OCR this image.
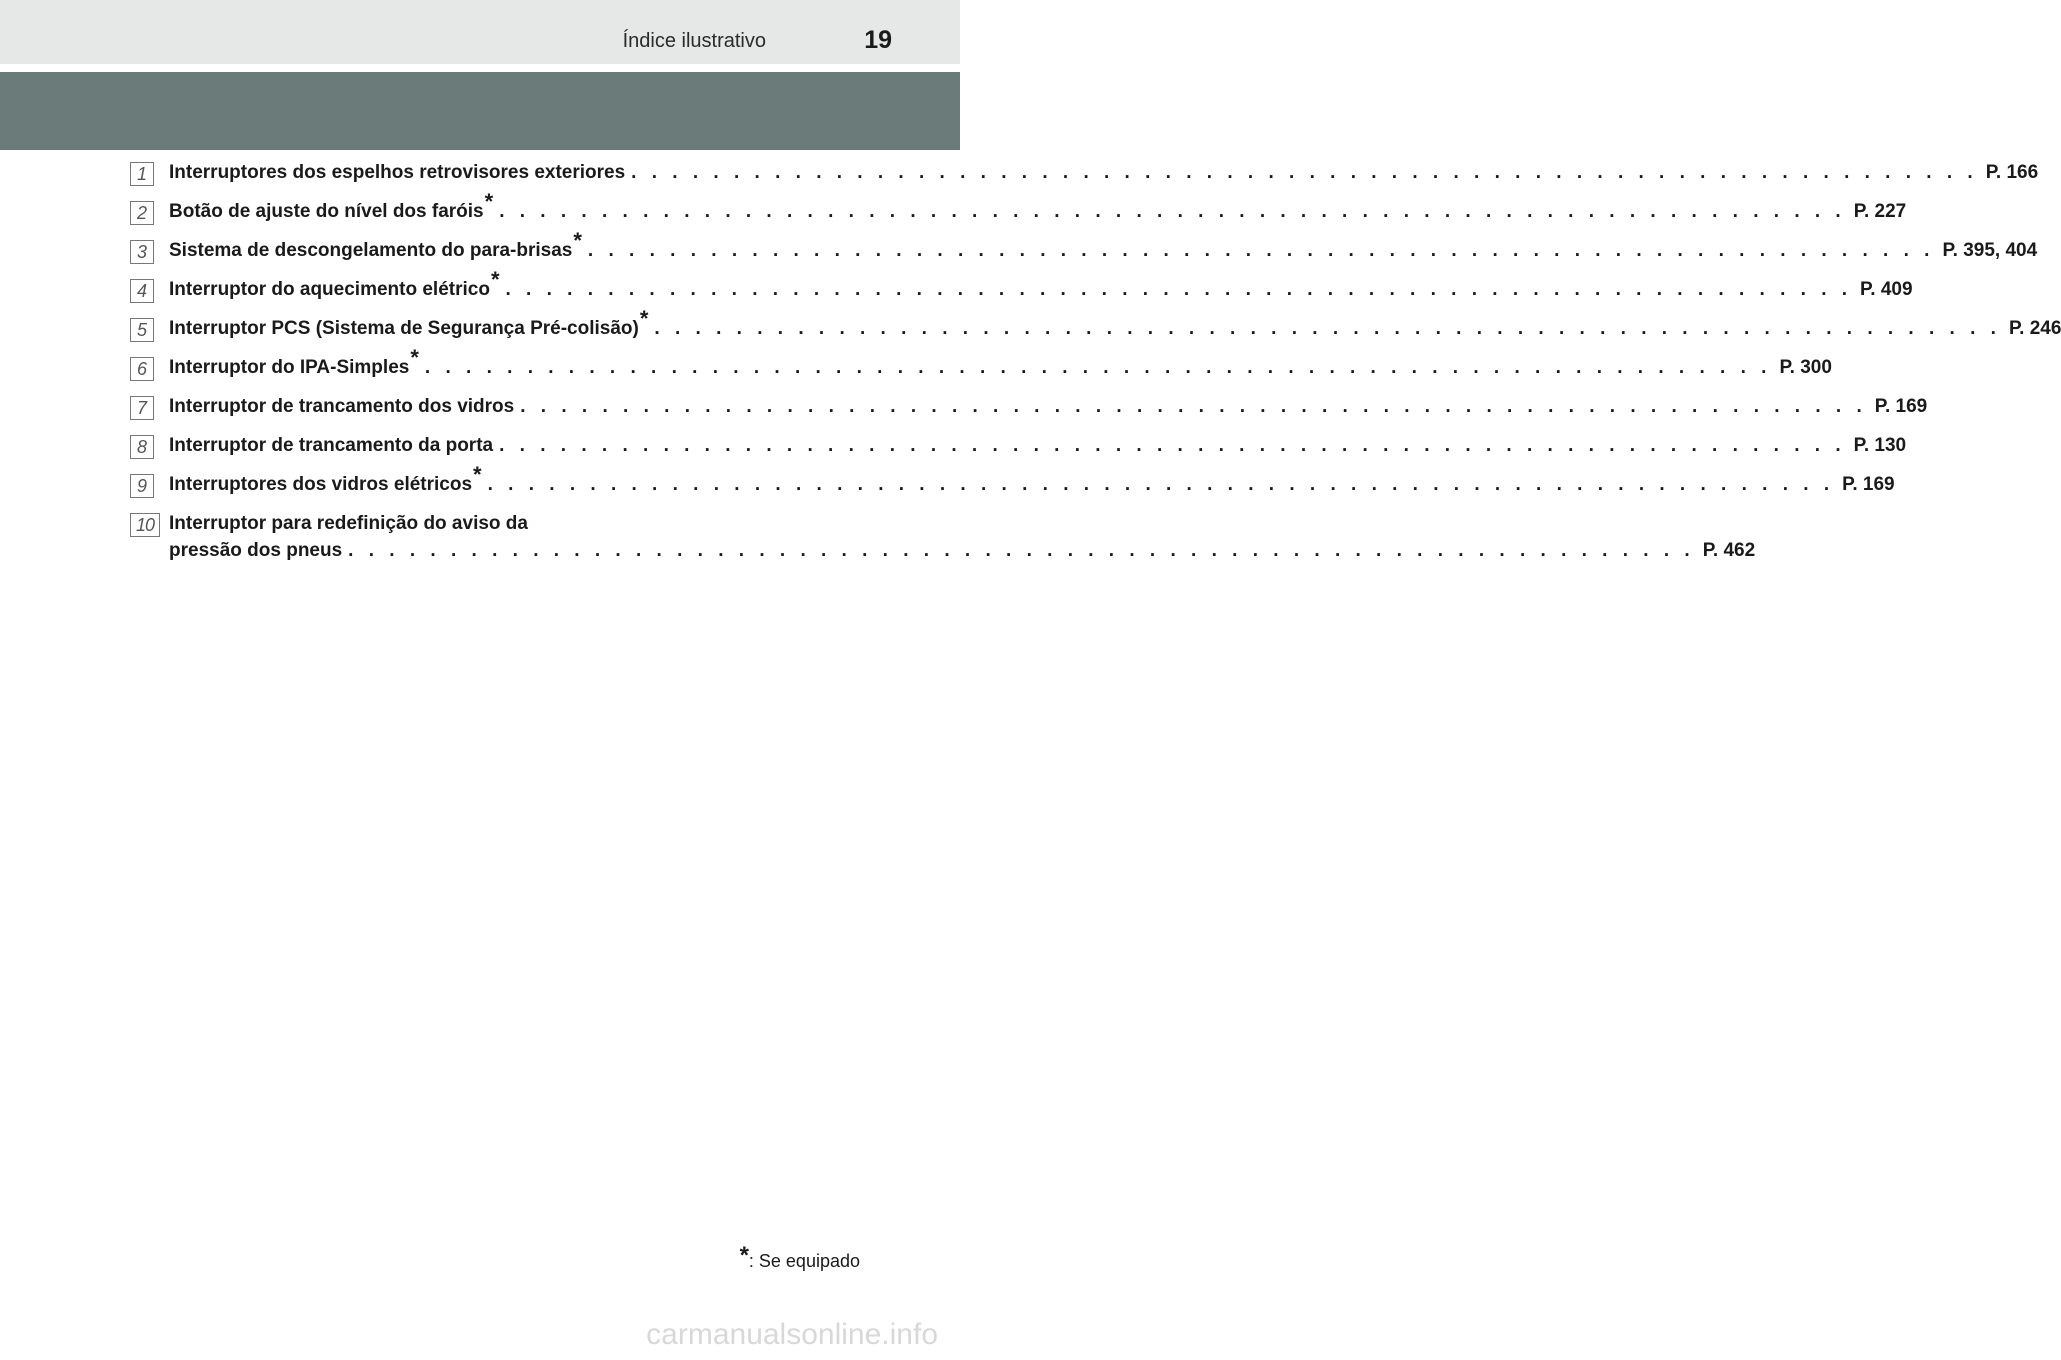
Índice ilustrativo	19
1	Interruptores dos espelhos retrovisores exteriores . . .	P. 166
2	Botão de ajuste do nível dos faróis* . . .	P. 227
3	Sistema de descongelamento do para-brisas* . . .	P. 395, 404
4	Interruptor do aquecimento elétrico* . . .	P. 409
5	Interruptor PCS (Sistema de Segurança Pré-colisão)* . . .	P. 246
6	Interruptor do IPA-Simples* . . .	P. 300
7	Interruptor de trancamento dos vidros . . .	P. 169
8	Interruptor de trancamento da porta . . .	P. 130
9	Interruptores dos vidros elétricos* . . .	P. 169
10 Interruptor para redefinição do aviso da
pressão dos pneus . . .	P. 462
*: Se equipado
carmanualsonline.info
